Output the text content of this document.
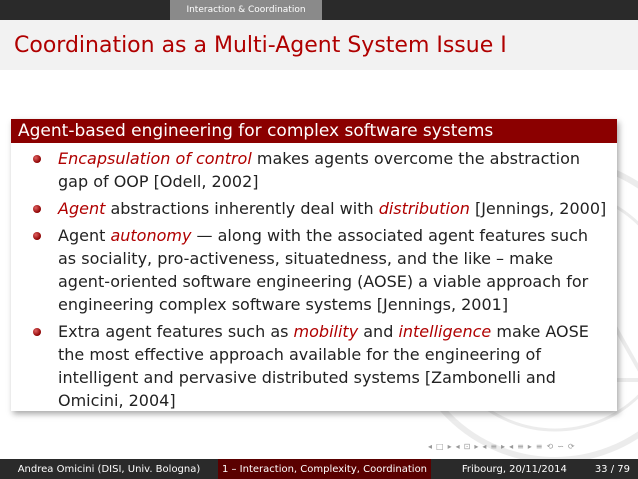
Interaction & Coordination
Coordination as a Multi-Agent System Issue I
Agent-based engineering for complex software systems
Encapsulation of control makes agents overcome the abstraction gap of OOP [Odell, 2002]
Agent abstractions inherently deal with distribution [Jennings, 2000]
Agent autonomy — along with the associated agent features such as sociality, pro-activeness, situatedness, and the like – make agent-oriented software engineering (AOSE) a viable approach for engineering complex software systems [Jennings, 2001]
Extra agent features such as mobility and intelligence make AOSE the most effective approach available for the engineering of intelligent and pervasive distributed systems [Zambonelli and Omicini, 2004]
◂ □ ▸ ◂ ⊡ ▸ ◂ ≡ ▸ ◂ ≡ ▸ ≡ ⟲ ∽ ⟳
Andrea Omicini (DISI, Univ. Bologna)	1 – Interaction, Complexity, Coordination	Fribourg, 20/11/2014	33 / 79
